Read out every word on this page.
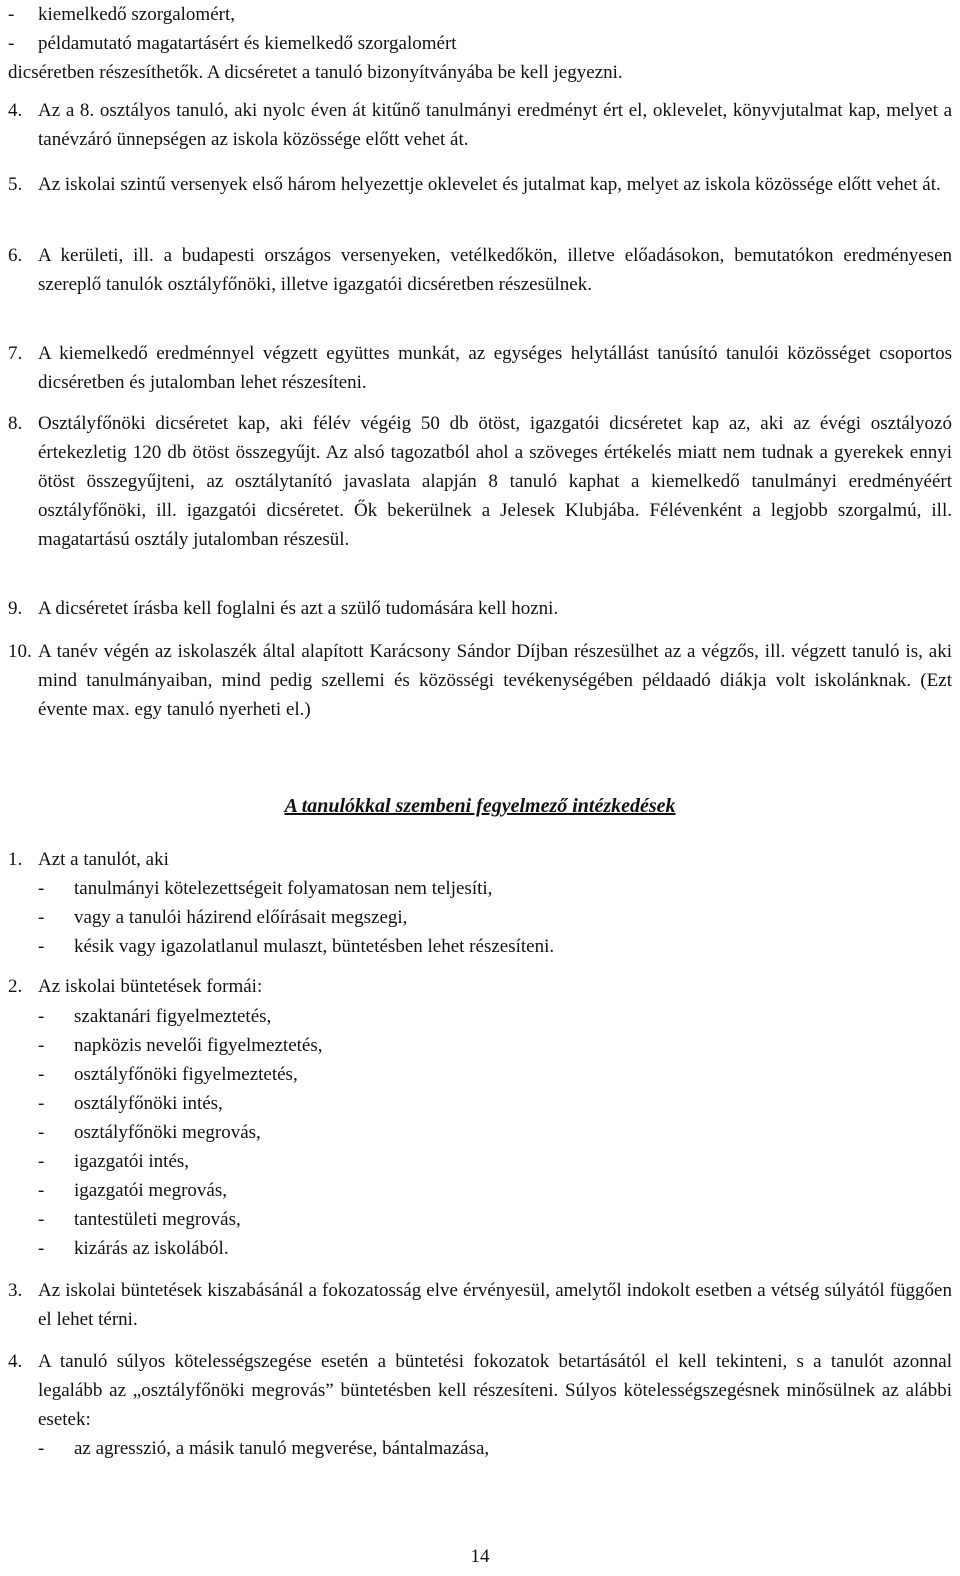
- kiemelkedő szorgalomért,
- példamutató magatartásért és kiemelkedő szorgalomért
dicséretben részesíthetők. A dicséretet a tanuló bizonyítványába be kell jegyezni.
4. Az a 8. osztályos tanuló, aki nyolc éven át kitűnő tanulmányi eredményt ért el, oklevelet, könyvjutalmat kap, melyet a tanévzáró ünnepségen az iskola közössége előtt vehet át.
5. Az iskolai szintű versenyek első három helyezettje oklevelet és jutalmat kap, melyet az iskola közössége előtt vehet át.
6. A kerületi, ill. a budapesti országos versenyeken, vetélkedőkön, illetve előadásokon, bemutatókon eredményesen szereplő tanulók osztályfőnöki, illetve igazgatói dicséretben részesülnek.
7. A kiemelkedő eredménnyel végzett együttes munkát, az egységes helytállást tanúsító tanulói közösséget csoportos dicséretben és jutalomban lehet részesíteni.
8. Osztályfőnöki dicséretet kap, aki félév végéig 50 db ötöst, igazgatói dicséretet kap az, aki az évégi osztályozó értekezletig 120 db ötöst összegyűjt. Az alsó tagozatból ahol a szöveges értékelés miatt nem tudnak a gyerekek ennyi ötöst összegyűjteni, az osztálytanító javaslata alapján 8 tanuló kaphat a kiemelkedő tanulmányi eredményéért osztályfőnöki, ill. igazgatói dicséretet. Ők bekerülnek a Jelesek Klubjába. Félévenként a legjobb szorgalmú, ill. magatartású osztály jutalomban részesül.
9. A dicséretet írásba kell foglalni és azt a szülő tudomására kell hozni.
10. A tanév végén az iskolaszék által alapított Karácsony Sándor Díjban részesülhet az a végzős, ill. végzett tanuló is, aki mind tanulmányaiban, mind pedig szellemi és közösségi tevékenységében példaadó diákja volt iskolánknak. (Ezt évente max. egy tanuló nyerheti el.)
A tanulókkal szembeni fegyelmező intézkedések
1. Azt a tanulót, aki
-	tanulmányi kötelezettségeit folyamatosan nem teljesíti,
-	vagy a tanulói házirend előírásait megszegi,
-	késik vagy igazolatlanul mulaszt, büntetésben lehet részesíteni.
2. Az iskolai büntetések formái:
-	szaktanári figyelmeztetés,
-	napközis nevelői figyelmeztetés,
-	osztályfőnöki figyelmeztetés,
-	osztályfőnöki intés,
-	osztályfőnöki megrovás,
-	igazgatói intés,
-	igazgatói megrovás,
-	tantestületi megrovás,
-	kizárás az iskolából.
3. Az iskolai büntetések kiszabásánál a fokozatosság elve érvényesül, amelytől indokolt esetben a vétség súlyától függően el lehet térni.
4. A tanuló súlyos kötelességszegése esetén a büntetési fokozatok betartásától el kell tekinteni, s a tanulót azonnal legalább az „osztályfőnöki megrovás” büntetésben kell részesíteni. Súlyos kötelességszegésnek minősülnek az alábbi esetek:
-	az agresszió, a másik tanuló megverése, bántalmazása,
14
